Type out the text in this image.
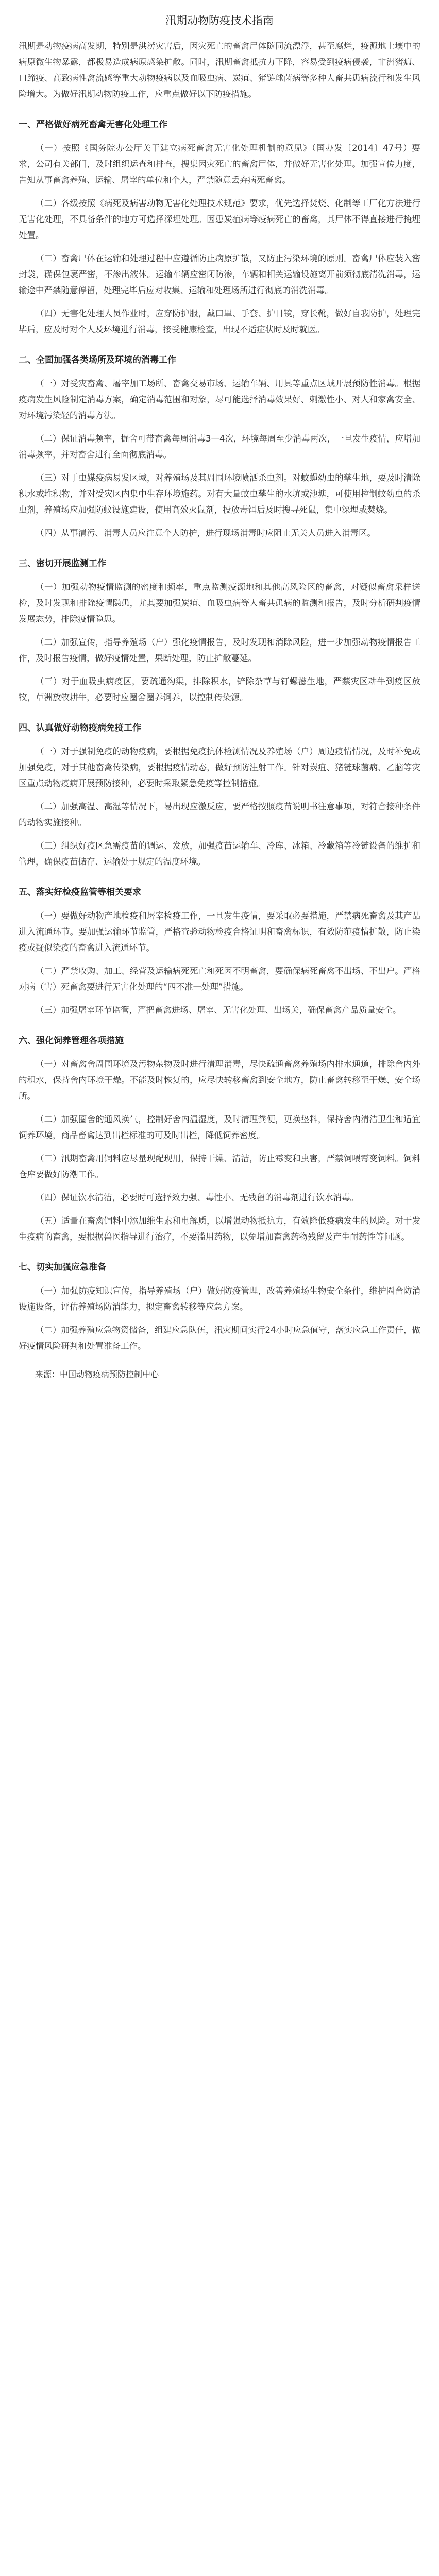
汛期动物防疫技术指南

汛期是动物疫病高发期，特别是洪涝灾害后，因灾死亡的畜禽尸体随同流漂浮，甚至腐烂，疫源地土壤中的病原微生物暴露，都极易造成病原感染扩散。同时，汛期畜禽抵抗力下降，容易受到疫病侵袭，非洲猪瘟、口蹄疫、高致病性禽流感等重大动物疫病以及血吸虫病、炭疽、猪链球菌病等多种人畜共患病流行和发生风险增大。为做好汛期动物防疫工作，应重点做好以下防疫措施。

一、严格做好病死畜禽无害化处理工作

（一）按照《国务院办公厅关于建立病死畜禽无害化处理机制的意见》（国办发〔2014〕47号）要求，公司有关部门，及时组织运查和排查，搜集因灾死亡的畜禽尸体，并做好无害化处理。加强宣传力度，告知从事畜禽养殖、运输、屠宰的单位和个人，严禁随意丢弃病死畜禽。

（二）各级按照《病死及病害动物无害化处理技术规范》要求，优先选择焚烧、化制等工厂化方法进行无害化处理，不具备条件的地方可选择深埋处理。因患炭疽病等疫病死亡的畜禽，其尸体不得直接进行掩埋处置。

（三）畜禽尸体在运输和处理过程中应遵循防止病原扩散，又防止污染环境的原则。畜禽尸体应装入密封袋，确保包裹严密，不渗出液体。运输车辆应密闭防渗，车辆和相关运输设施离开前须彻底清洗消毒，运输途中严禁随意停留，处理完毕后应对收集、运输和处理场所进行彻底的消洗消毒。

（四）无害化处理人员作业时，应穿防护服，戴口罩、手套、护目镜，穿长靴，做好自我防护，处理完毕后，应及时对个人及环境进行消毒，接受健康检查，出现不适症状时及时就医。

二、全面加强各类场所及环境的消毒工作

（一）对受灾畜禽、屠宰加工场所、畜禽交易市场、运输车辆、用具等重点区域开展预防性消毒。根据疫病发生风险制定消毒方案，确定消毒范围和对象，尽可能选择消毒效果好、刺激性小、对人和家禽安全、对环境污染轻的消毒方法。

（二）保证消毒频率，掘舍可带畜禽每周消毒3—4次，环境每周至少消毒两次，一旦发生疫情，应增加消毒频率，并对畜舍进行全面彻底消毒。

（三）对于虫媒疫病易发区域，对养殖场及其周围环境喷洒杀虫剂。对蚊蝇幼虫的孳生地，要及时清除积水或堆积物，并对受灾区内集中生存环境施药。对有大量蚊虫孳生的水坑或池塘，可使用控制蚊幼虫的杀虫剂，养殖场应加强防蚊设施建设，使用高效灭鼠剂，投放毒饵后及时搜寻死鼠，集中深埋或焚烧。

（四）从事清污、消毒人员应注意个人防护，进行现场消毒时应阻止无关人员进入消毒区。

三、密切开展监测工作

（一）加强动物疫情监测的密度和频率，重点监测疫源地和其他高风险区的畜禽，对疑似畜禽采样送检，及时发现和排除疫情隐患，尤其要加强炭疽、血吸虫病等人畜共患病的监测和报告，及时分析研判疫情发展态势，排除疫情隐患。

（二）加强宣传，指导养殖场（户）强化疫情报告，及时发现和消除风险，进一步加强动物疫情报告工作，及时报告疫情，做好疫情处置，果断处理，防止扩散蔓延。

（三）对于血吸虫病疫区，要疏通沟渠，排除积水，铲除杂草与钉螺滋生地，严禁灾区耕牛到疫区放牧，草洲放牧耕牛，必要时应圈舍圈养饲养，以控制传染源。

四、认真做好动物疫病免疫工作

（一）对于强制免疫的动物疫病，要根据免疫抗体检测情况及养殖场（户）周边疫情情况，及时补免或加强免疫，对于其他畜禽传染病，要根据疫情动态，做好预防注射工作。针对炭疽、猪链球菌病、乙脑等灾区重点动物疫病开展预防接种，必要时采取紧急免疫等控制措施。

（二）加强高温、高湿等情况下，易出现应激反应，要严格按照疫苗说明书注意事项，对符合接种条件的动物实施接种。

（三）组织好疫区急需疫苗的调运、发放，加强疫苗运输车、冷库、冰箱、冷藏箱等冷链设备的维护和管理，确保疫苗储存、运输处于规定的温度环境。

五、落实好检疫监管等相关要求

（一）要做好动物产地检疫和屠宰检疫工作，一旦发生疫情，要采取必要措施，严禁病死畜禽及其产品进入流通环节。要加强运输环节监管，严格查验动物检疫合格证明和畜禽标识，有效防范疫情扩散，防止染疫或疑似染疫的畜禽进入流通环节。

（二）严禁收购、加工、经营及运输病死死亡和死因不明畜禽，要确保病死畜禽不出场、不出户。严格对病（害）死畜禽要进行无害化处理的“四不准一处理”措施。

（三）加强屠宰环节监管，严把畜禽进场、屠宰、无害化处理、出场关，确保畜禽产品质量安全。

六、强化饲养管理各项措施

（一）对畜禽舍周围环境及污物杂物及时进行清理消毒，尽快疏通畜禽养殖场内排水通道，排除舍内外的积水，保持舍内环境干燥。不能及时恢复的，应尽快转移畜禽到安全地方，防止畜禽转移至干燥、安全场所。

（二）加强圈舍的通风换气，控制好舍内温湿度，及时清理粪便，更换垫料，保持舍内清洁卫生和适宜饲养环境，商品畜禽达到出栏标准的可及时出栏，降低饲养密度。

（三）汛期畜禽用饲料应尽量现配现用，保持干燥、清洁，防止霉变和虫害，严禁饲喂霉变饲料。饲料仓库要做好防潮工作。

（四）保证饮水清洁，必要时可选择效力强、毒性小、无残留的消毒剂进行饮水消毒。

（五）适量在畜禽饲料中添加维生素和电解质，以增强动物抵抗力，有效降低疫病发生的风险。对于发生疫病的畜禽，要根据兽医指导进行治疗，不要滥用药物，以免增加畜禽药物残留及产生耐药性等问题。

七、切实加强应急准备

（一）加强防疫知识宣传，指导养殖场（户）做好防疫管理，改善养殖场生物安全条件，维护圈舍防消设施设备，评估养殖场防消能力，拟定畜禽转移等应急方案。

（二）加强养殖应急物资储备，组建应急队伍，汛灾期间实行24小时应急值守，落实应急工作责任，做好疫情风险研判和处置准备工作。

来源：中国动物疫病预防控制中心
